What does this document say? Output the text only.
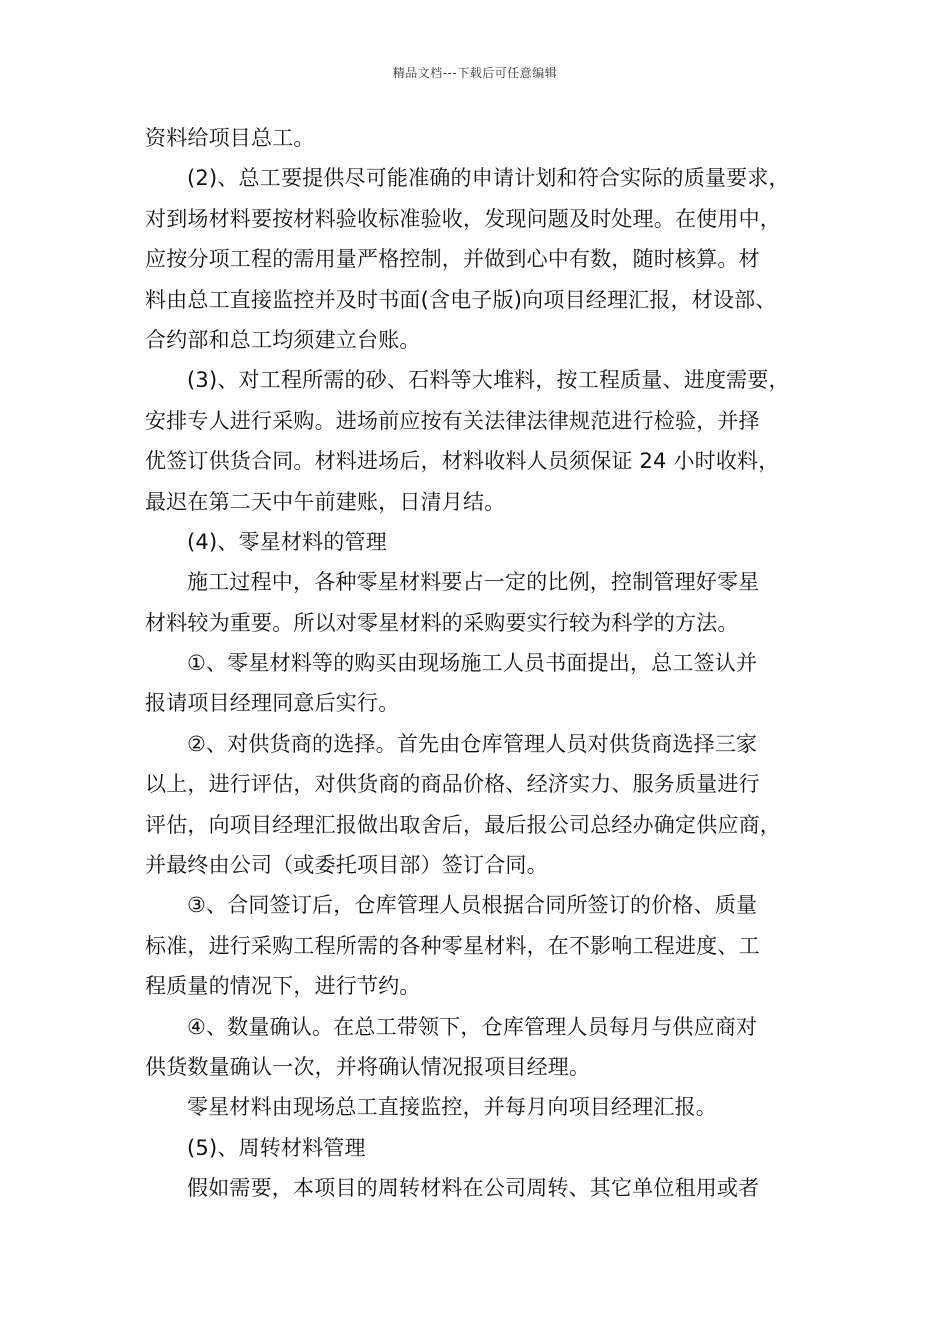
精品文档---下载后可任意编辑
资料给项目总工。
(2)、总工要提供尽可能准确的申请计划和符合实际的质量要求，
对到场材料要按材料验收标准验收，发现问题及时处理。在使用中，
应按分项工程的需用量严格控制，并做到心中有数，随时核算。材
料由总工直接监控并及时书面(含电子版)向项目经理汇报，材设部、
合约部和总工均须建立台账。
(3)、对工程所需的砂、石料等大堆料，按工程质量、进度需要，
安排专人进行采购。进场前应按有关法律法律规范进行检验，并择
优签订供货合同。材料进场后，材料收料人员须保证 24 小时收料，
最迟在第二天中午前建账，日清月结。
(4)、零星材料的管理
施工过程中，各种零星材料要占一定的比例，控制管理好零星
材料较为重要。所以对零星材料的采购要实行较为科学的方法。
①、零星材料等的购买由现场施工人员书面提出，总工签认并
报请项目经理同意后实行。
②、对供货商的选择。首先由仓库管理人员对供货商选择三家
以上，进行评估，对供货商的商品价格、经济实力、服务质量进行
评估，向项目经理汇报做出取舍后，最后报公司总经办确定供应商，
并最终由公司（或委托项目部）签订合同。
③、合同签订后，仓库管理人员根据合同所签订的价格、质量
标准，进行采购工程所需的各种零星材料，在不影响工程进度、工
程质量的情况下，进行节约。
④、数量确认。在总工带领下，仓库管理人员每月与供应商对
供货数量确认一次，并将确认情况报项目经理。
零星材料由现场总工直接监控，并每月向项目经理汇报。
(5)、周转材料管理
假如需要，本项目的周转材料在公司周转、其它单位租用或者
